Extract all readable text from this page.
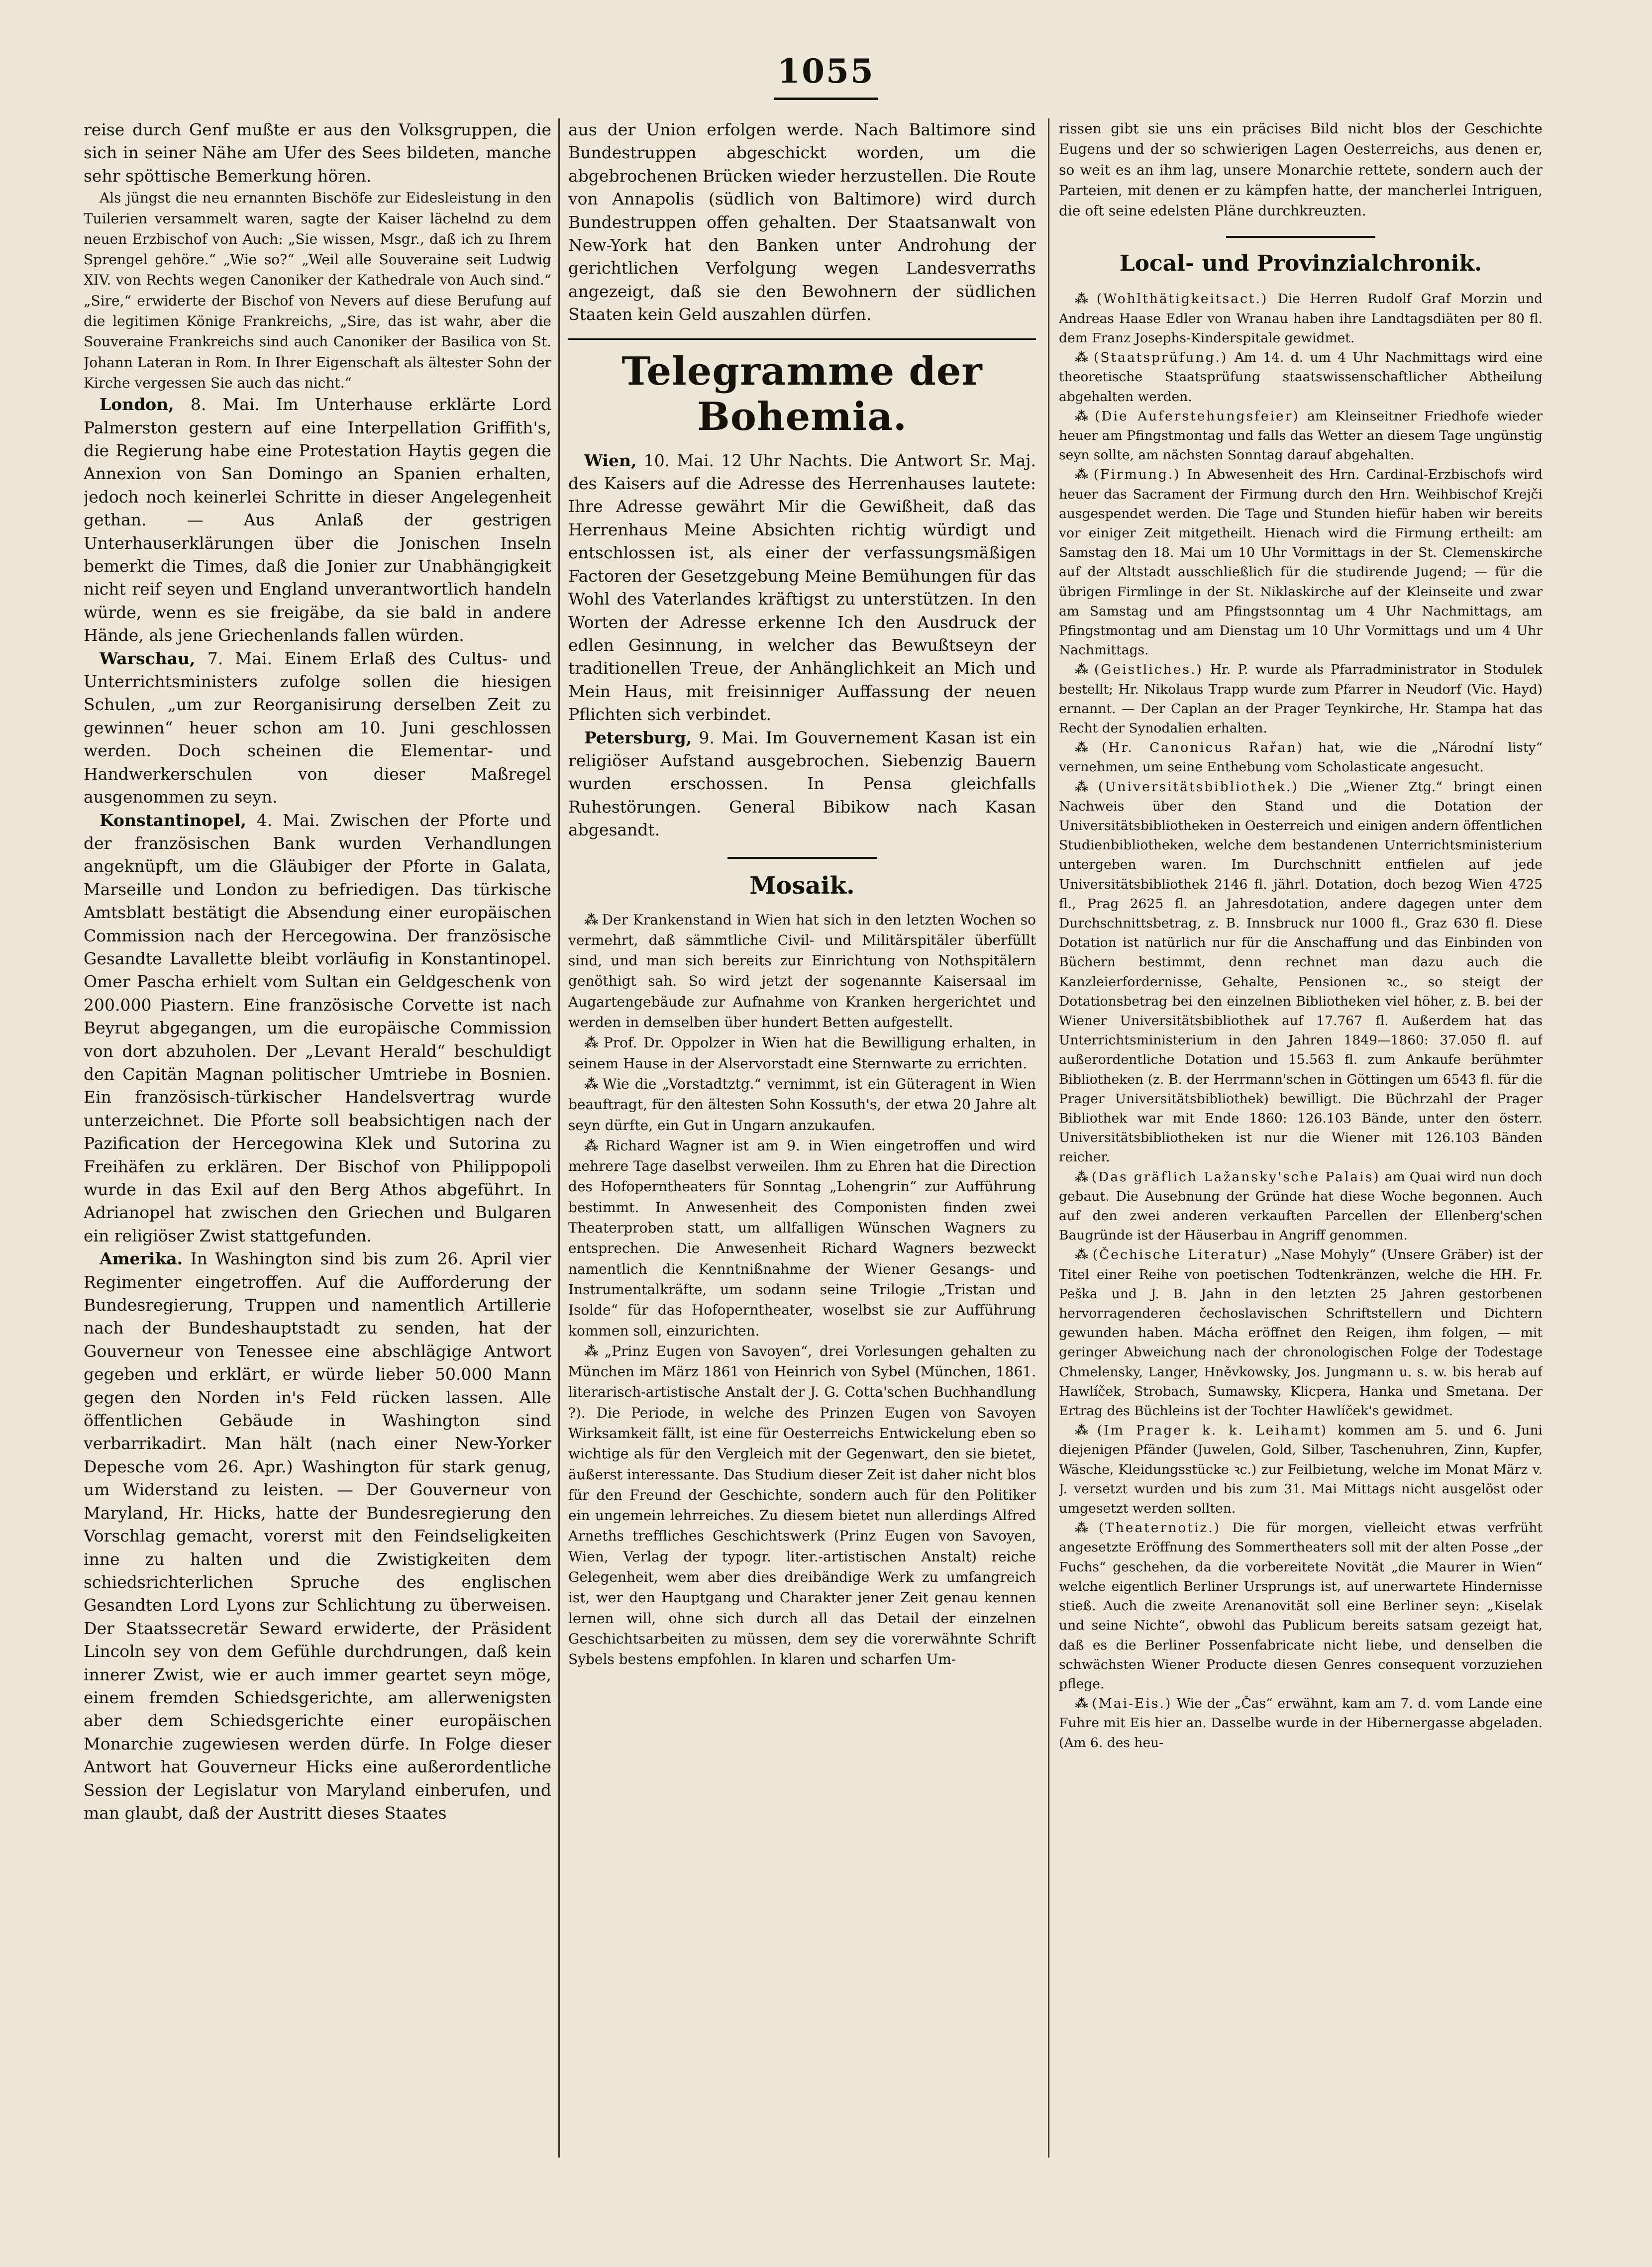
1055

reise durch Genf mußte er aus den Volksgruppen, die sich in seiner Nähe am Ufer des Sees bildeten, manche sehr spöttische Bemerkung hören.

Als jüngst die neu ernannten Bischöfe zur Eidesleistung in den Tuilerien versammelt waren, sagte der Kaiser lächelnd zu dem neuen Erzbischof von Auch: „Sie wissen, Msgr., daß ich zu Ihrem Sprengel gehöre.“ „Wie so?“ „Weil alle Souveraine seit Ludwig XIV. von Rechts wegen Canoniker der Kathedrale von Auch sind.“ „Sire,“ erwiderte der Bischof von Nevers auf diese Berufung auf die legitimen Könige Frankreichs, „Sire, das ist wahr, aber die Souveraine Frankreichs sind auch Canoniker der Basilica von St. Johann Lateran in Rom. In Ihrer Eigenschaft als ältester Sohn der Kirche vergessen Sie auch das nicht.“

London, 8. Mai. Im Unterhause erklärte Lord Palmerston gestern auf eine Interpellation Griffith's, die Regierung habe eine Protestation Haytis gegen die Annexion von San Domingo an Spanien erhalten, jedoch noch keinerlei Schritte in dieser Angelegenheit gethan. — Aus Anlaß der gestrigen Unterhauserklärungen über die Jonischen Inseln bemerkt die Times, daß die Jonier zur Unabhängigkeit nicht reif seyen und England unverantwortlich handeln würde, wenn es sie freigäbe, da sie bald in andere Hände, als jene Griechenlands fallen würden.

Warschau, 7. Mai. Einem Erlaß des Cultus- und Unterrichtsministers zufolge sollen die hiesigen Schulen, „um zur Reorganisirung derselben Zeit zu gewinnen“ heuer schon am 10. Juni geschlossen werden. Doch scheinen die Elementar- und Handwerkerschulen von dieser Maßregel ausgenommen zu seyn.

Konstantinopel, 4. Mai. Zwischen der Pforte und der französischen Bank wurden Verhandlungen angeknüpft, um die Gläubiger der Pforte in Galata, Marseille und London zu befriedigen. Das türkische Amtsblatt bestätigt die Absendung einer europäischen Commission nach der Hercegowina. Der französische Gesandte Lavallette bleibt vorläufig in Konstantinopel. Omer Pascha erhielt vom Sultan ein Geldgeschenk von 200.000 Piastern. Eine französische Corvette ist nach Beyrut abgegangen, um die europäische Commission von dort abzuholen. Der „Levant Herald“ beschuldigt den Capitän Magnan politischer Umtriebe in Bosnien. Ein französisch-türkischer Handelsvertrag wurde unterzeichnet. Die Pforte soll beabsichtigen nach der Pazification der Hercegowina Klek und Sutorina zu Freihäfen zu erklären. Der Bischof von Philippopoli wurde in das Exil auf den Berg Athos abgeführt. In Adrianopel hat zwischen den Griechen und Bulgaren ein religiöser Zwist stattgefunden.

Amerika. In Washington sind bis zum 26. April vier Regimenter eingetroffen. Auf die Aufforderung der Bundesregierung, Truppen und namentlich Artillerie nach der Bundeshauptstadt zu senden, hat der Gouverneur von Tenessee eine abschlägige Antwort gegeben und erklärt, er würde lieber 50.000 Mann gegen den Norden in's Feld rücken lassen. Alle öffentlichen Gebäude in Washington sind verbarrikadirt. Man hält (nach einer New-Yorker Depesche vom 26. Apr.) Washington für stark genug, um Widerstand zu leisten. — Der Gouverneur von Maryland, Hr. Hicks, hatte der Bundesregierung den Vorschlag gemacht, vorerst mit den Feindseligkeiten inne zu halten und die Zwistigkeiten dem schiedsrichterlichen Spruche des englischen Gesandten Lord Lyons zur Schlichtung zu überweisen. Der Staatssecretär Seward erwiderte, der Präsident Lincoln sey von dem Gefühle durchdrungen, daß kein innerer Zwist, wie er auch immer geartet seyn möge, einem fremden Schiedsgerichte, am allerwenigsten aber dem Schiedsgerichte einer europäischen Monarchie zugewiesen werden dürfe. In Folge dieser Antwort hat Gouverneur Hicks eine außerordentliche Session der Legislatur von Maryland einberufen, und man glaubt, daß der Austritt dieses Staates

aus der Union erfolgen werde. Nach Baltimore sind Bundestruppen abgeschickt worden, um die abgebrochenen Brücken wieder herzustellen. Die Route von Annapolis (südlich von Baltimore) wird durch Bundestruppen offen gehalten. Der Staatsanwalt von New-York hat den Banken unter Androhung der gerichtlichen Verfolgung wegen Landesverraths angezeigt, daß sie den Bewohnern der südlichen Staaten kein Geld auszahlen dürfen.

Telegramme der Bohemia.

Wien, 10. Mai. 12 Uhr Nachts. Die Antwort Sr. Maj. des Kaisers auf die Adresse des Herrenhauses lautete: Ihre Adresse gewährt Mir die Gewißheit, daß das Herrenhaus Meine Absichten richtig würdigt und entschlossen ist, als einer der verfassungsmäßigen Factoren der Gesetzgebung Meine Bemühungen für das Wohl des Vaterlandes kräftigst zu unterstützen. In den Worten der Adresse erkenne Ich den Ausdruck der edlen Gesinnung, in welcher das Bewußtseyn der traditionellen Treue, der Anhänglichkeit an Mich und Mein Haus, mit freisinniger Auffassung der neuen Pflichten sich verbindet.

Petersburg, 9. Mai. Im Gouvernement Kasan ist ein religiöser Aufstand ausgebrochen. Siebenzig Bauern wurden erschossen. In Pensa gleichfalls Ruhestörungen. General Bibikow nach Kasan abgesandt.

Mosaik.

⁂ Der Krankenstand in Wien hat sich in den letzten Wochen so vermehrt, daß sämmtliche Civil- und Militärspitäler überfüllt sind, und man sich bereits zur Einrichtung von Nothspitälern genöthigt sah. So wird jetzt der sogenannte Kaisersaal im Augartengebäude zur Aufnahme von Kranken hergerichtet und werden in demselben über hundert Betten aufgestellt.

⁂ Prof. Dr. Oppolzer in Wien hat die Bewilligung erhalten, in seinem Hause in der Alservorstadt eine Sternwarte zu errichten.

⁂ Wie die „Vorstadtztg.“ vernimmt, ist ein Güteragent in Wien beauftragt, für den ältesten Sohn Kossuth's, der etwa 20 Jahre alt seyn dürfte, ein Gut in Ungarn anzukaufen.

⁂ Richard Wagner ist am 9. in Wien eingetroffen und wird mehrere Tage daselbst verweilen. Ihm zu Ehren hat die Direction des Hofoperntheaters für Sonntag „Lohengrin“ zur Aufführung bestimmt. In Anwesenheit des Componisten finden zwei Theaterproben statt, um allfalligen Wünschen Wagners zu entsprechen. Die Anwesenheit Richard Wagners bezweckt namentlich die Kenntnißnahme der Wiener Gesangs- und Instrumentalkräfte, um sodann seine Trilogie „Tristan und Isolde“ für das Hofoperntheater, woselbst sie zur Aufführung kommen soll, einzurichten.

⁂ „Prinz Eugen von Savoyen“, drei Vorlesungen gehalten zu München im März 1861 von Heinrich von Sybel (München, 1861. literarisch-artistische Anstalt der J. G. Cotta'schen Buchhandlung ?). Die Periode, in welche des Prinzen Eugen von Savoyen Wirksamkeit fällt, ist eine für Oesterreichs Entwickelung eben so wichtige als für den Vergleich mit der Gegenwart, den sie bietet, äußerst interessante. Das Studium dieser Zeit ist daher nicht blos für den Freund der Geschichte, sondern auch für den Politiker ein ungemein lehrreiches. Zu diesem bietet nun allerdings Alfred Arneths treffliches Geschichtswerk (Prinz Eugen von Savoyen, Wien, Verlag der typogr. liter.-artistischen Anstalt) reiche Gelegenheit, wem aber dies dreibändige Werk zu umfangreich ist, wer den Hauptgang und Charakter jener Zeit genau kennen lernen will, ohne sich durch all das Detail der einzelnen Geschichtsarbeiten zu müssen, dem sey die vorerwähnte Schrift Sybels bestens empfohlen. In klaren und scharfen Um-

rissen gibt sie uns ein präcises Bild nicht blos der Geschichte Eugens und der so schwierigen Lagen Oesterreichs, aus denen er, so weit es an ihm lag, unsere Monarchie rettete, sondern auch der Parteien, mit denen er zu kämpfen hatte, der mancherlei Intriguen, die oft seine edelsten Pläne durchkreuzten.

Local- und Provinzialchronik.

⁂ (Wohlthätigkeitsact.) Die Herren Rudolf Graf Morzin und Andreas Haase Edler von Wranau haben ihre Landtagsdiäten per 80 fl. dem Franz Josephs-Kinderspitale gewidmet.

⁂ (Staatsprüfung.) Am 14. d. um 4 Uhr Nachmittags wird eine theoretische Staatsprüfung staatswissenschaftlicher Abtheilung abgehalten werden.

⁂ (Die Auferstehungsfeier) am Kleinseitner Friedhofe wieder heuer am Pfingstmontag und falls das Wetter an diesem Tage ungünstig seyn sollte, am nächsten Sonntag darauf abgehalten.

⁂ (Firmung.) In Abwesenheit des Hrn. Cardinal-Erzbischofs wird heuer das Sacrament der Firmung durch den Hrn. Weihbischof Krejči ausgespendet werden. Die Tage und Stunden hiefür haben wir bereits vor einiger Zeit mitgetheilt. Hienach wird die Firmung ertheilt: am Samstag den 18. Mai um 10 Uhr Vormittags in der St. Clemenskirche auf der Altstadt ausschließlich für die studirende Jugend; — für die übrigen Firmlinge in der St. Niklaskirche auf der Kleinseite und zwar am Samstag und am Pfingstsonntag um 4 Uhr Nachmittags, am Pfingstmontag und am Dienstag um 10 Uhr Vormittags und um 4 Uhr Nachmittags.

⁂ (Geistliches.) Hr. P. wurde als Pfarradministrator in Stodulek bestellt; Hr. Nikolaus Trapp wurde zum Pfarrer in Neudorf (Vic. Hayd) ernannt. — Der Caplan an der Prager Teynkirche, Hr. Stampa hat das Recht der Synodalien erhalten.

⁂ (Hr. Canonicus Rařan) hat, wie die „Národní listy“ vernehmen, um seine Enthebung vom Scholasticate angesucht.

⁂ (Universitätsbibliothek.) Die „Wiener Ztg.“ bringt einen Nachweis über den Stand und die Dotation der Universitätsbibliotheken in Oesterreich und einigen andern öffentlichen Studienbibliotheken, welche dem bestandenen Unterrichtsministerium untergeben waren. Im Durchschnitt entfielen auf jede Universitätsbibliothek 2146 fl. jährl. Dotation, doch bezog Wien 4725 fl., Prag 2625 fl. an Jahresdotation, andere dagegen unter dem Durchschnittsbetrag, z. B. Innsbruck nur 1000 fl., Graz 630 fl. Diese Dotation ist natürlich nur für die Anschaffung und das Einbinden von Büchern bestimmt, denn rechnet man dazu auch die Kanzleierfordernisse, Gehalte, Pensionen ꝛc., so steigt der Dotationsbetrag bei den einzelnen Bibliotheken viel höher, z. B. bei der Wiener Universitätsbibliothek auf 17.767 fl. Außerdem hat das Unterrichtsministerium in den Jahren 1849—1860: 37.050 fl. auf außerordentliche Dotation und 15.563 fl. zum Ankaufe berühmter Bibliotheken (z. B. der Herrmann'schen in Göttingen um 6543 fl. für die Prager Universitätsbibliothek) bewilligt. Die Büchrzahl der Prager Bibliothek war mit Ende 1860: 126.103 Bände, unter den österr. Universitätsbibliotheken ist nur die Wiener mit 126.103 Bänden reicher.

⁂ (Das gräflich Lažansky'sche Palais) am Quai wird nun doch gebaut. Die Ausebnung der Gründe hat diese Woche begonnen. Auch auf den zwei anderen verkauften Parcellen der Ellenberg'schen Baugründe ist der Häuserbau in Angriff genommen.

⁂ (Čechische Literatur) „Nase Mohyly“ (Unsere Gräber) ist der Titel einer Reihe von poetischen Todtenkränzen, welche die HH. Fr. Peška und J. B. Jahn in den letzten 25 Jahren gestorbenen hervorragenderen čechoslavischen Schriftstellern und Dichtern gewunden haben. Mácha eröffnet den Reigen, ihm folgen, — mit geringer Abweichung nach der chronologischen Folge der Todestage Chmelensky, Langer, Hněvkowsky, Jos. Jungmann u. s. w. bis herab auf Hawlíček, Strobach, Sumawsky, Klicpera, Hanka und Smetana. Der Ertrag des Büchleins ist der Tochter Hawlíček's gewidmet.

⁂ (Im Prager k. k. Leihamt) kommen am 5. und 6. Juni diejenigen Pfänder (Juwelen, Gold, Silber, Taschenuhren, Zinn, Kupfer, Wäsche, Kleidungsstücke ꝛc.) zur Feilbietung, welche im Monat März v. J. versetzt wurden und bis zum 31. Mai Mittags nicht ausgelöst oder umgesetzt werden sollten.

⁂ (Theaternotiz.) Die für morgen, vielleicht etwas verfrüht angesetzte Eröffnung des Sommertheaters soll mit der alten Posse „der Fuchs“ geschehen, da die vorbereitete Novität „die Maurer in Wien“ welche eigentlich Berliner Ursprungs ist, auf unerwartete Hindernisse stieß. Auch die zweite Arenanovität soll eine Berliner seyn: „Kiselak und seine Nichte“, obwohl das Publicum bereits satsam gezeigt hat, daß es die Berliner Possenfabricate nicht liebe, und denselben die schwächsten Wiener Producte diesen Genres consequent vorzuziehen pflege.

⁂ (Mai-Eis.) Wie der „Čas“ erwähnt, kam am 7. d. vom Lande eine Fuhre mit Eis hier an. Dasselbe wurde in der Hibernergasse abgeladen. (Am 6. des heu-
